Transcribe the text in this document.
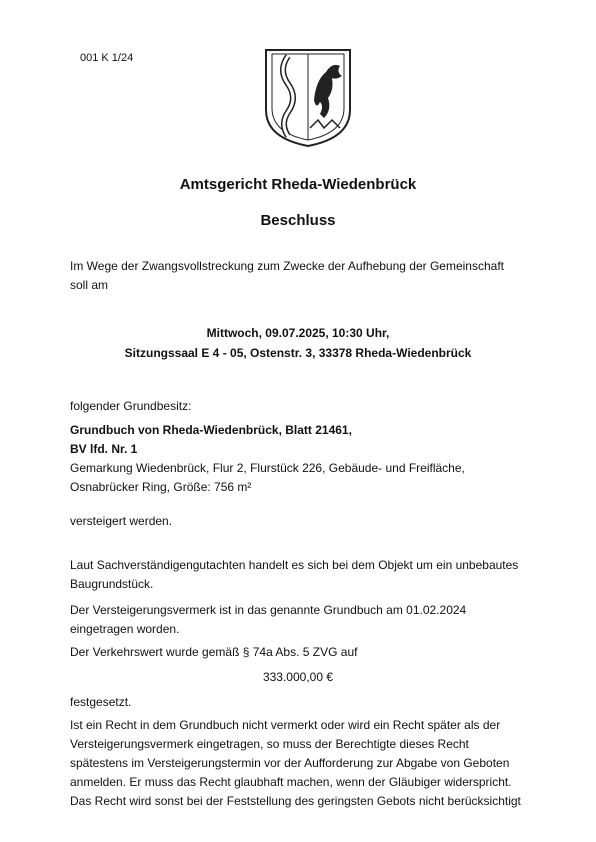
001 K 1/24
Amtsgericht Rheda-Wiedenbrück
Beschluss
Im Wege der Zwangsvollstreckung zum Zwecke der Aufhebung der Gemeinschaft
soll am
Mittwoch, 09.07.2025, 10:30 Uhr,
Sitzungssaal E 4 - 05, Ostenstr. 3, 33378 Rheda-Wiedenbrück
folgender Grundbesitz:
Grundbuch von Rheda-Wiedenbrück, Blatt 21461,
BV lfd. Nr. 1
Gemarkung Wiedenbrück, Flur 2, Flurstück 226, Gebäude- und Freifläche,
Osnabrücker Ring, Größe: 756 m²
versteigert werden.
Laut Sachverständigengutachten handelt es sich bei dem Objekt um ein unbebautes
Baugrundstück.
Der Versteigerungsvermerk ist in das genannte Grundbuch am 01.02.2024
eingetragen worden.
Der Verkehrswert wurde gemäß § 74a Abs. 5 ZVG auf
333.000,00 €
festgesetzt.
Ist ein Recht in dem Grundbuch nicht vermerkt oder wird ein Recht später als der
Versteigerungsvermerk eingetragen, so muss der Berechtigte dieses Recht
spätestens im Versteigerungstermin vor der Aufforderung zur Abgabe von Geboten
anmelden. Er muss das Recht glaubhaft machen, wenn der Gläubiger widerspricht.
Das Recht wird sonst bei der Feststellung des geringsten Gebots nicht berücksichtigt
